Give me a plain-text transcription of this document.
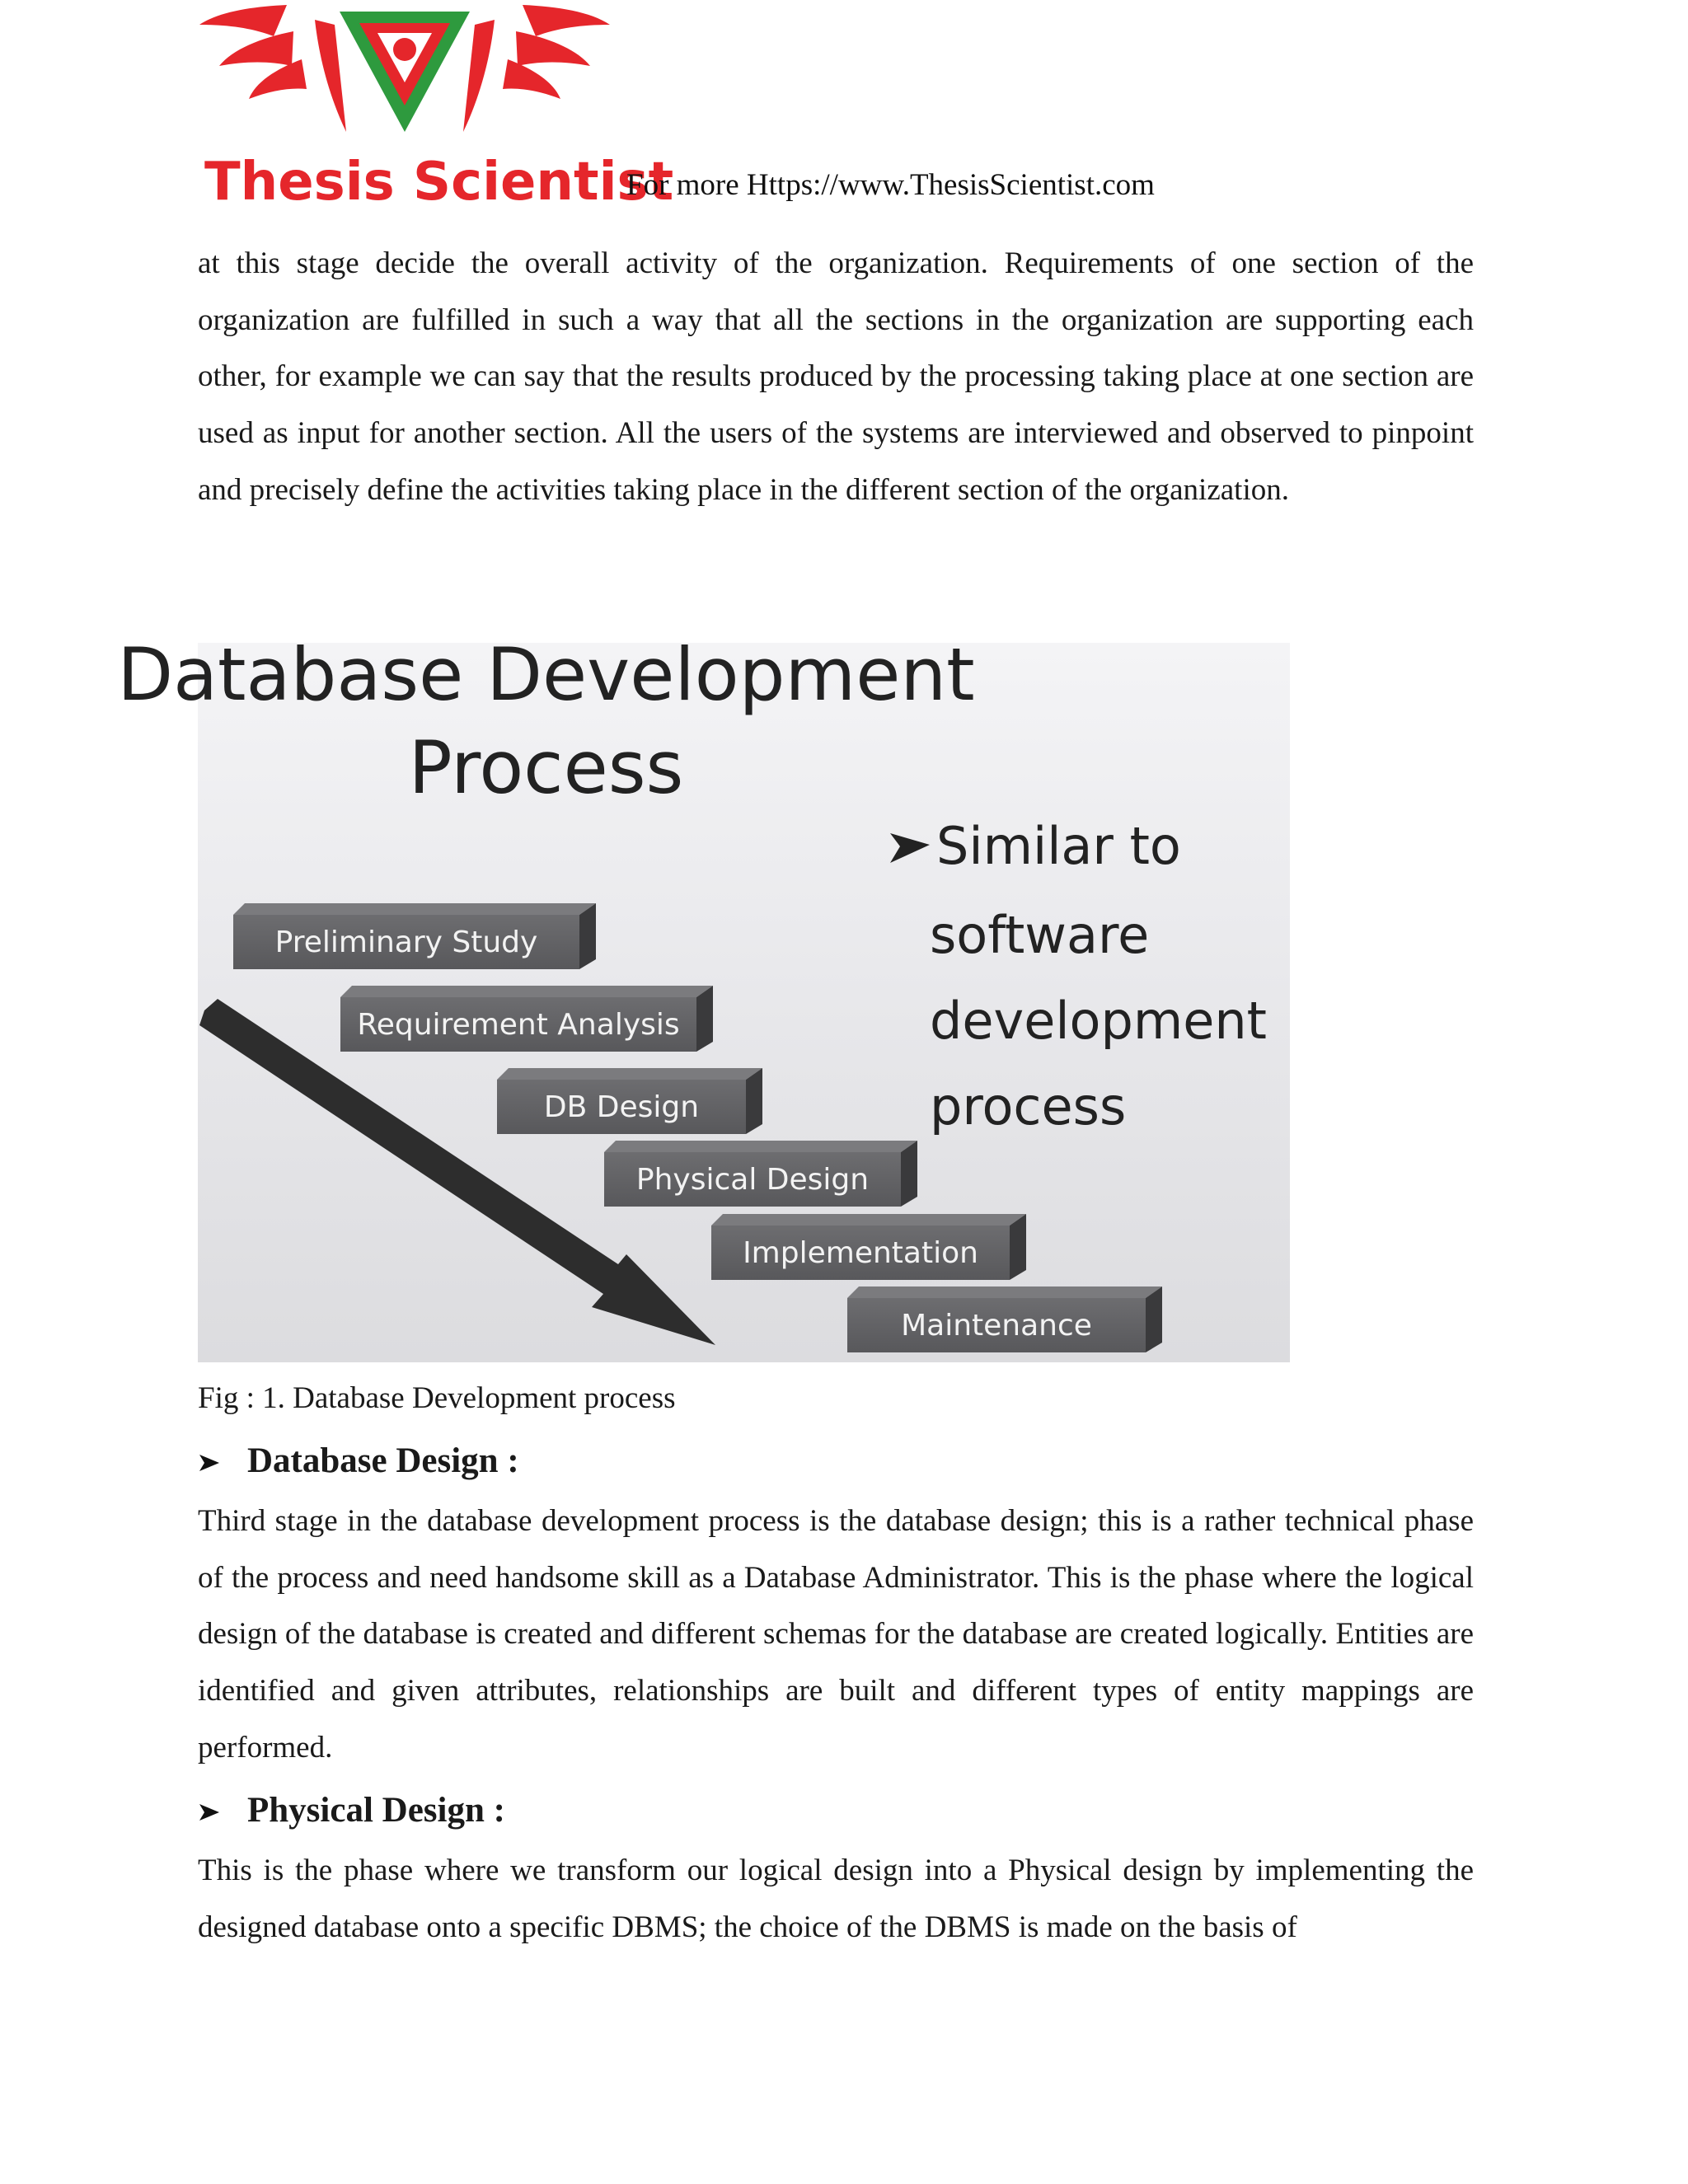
Thesis Scientist
For more Https://www.ThesisScientist.com

at this stage decide the overall activity of the organization. Requirements of one section of the organization are fulfilled in such a way that all the sections in the organization are supporting each other, for example we can say that the results produced by the processing taking place at one section are used as input for another section. All the users of the systems are interviewed and observed to pinpoint and precisely define the activities taking place in the different section of the organization.

Database Development
Process
Similar to
software
development
process
Preliminary Study
Requirement Analysis
DB Design
Physical Design
Implementation
Maintenance
Fig : 1. Database Development process
Database Design :

Third stage in the database development process is the database design; this is a rather technical phase of the process and need handsome skill as a Database Administrator. This is the phase where the logical design of the database is created and different schemas for the database are created logically. Entities are identified and given attributes, relationships are built and different types of entity mappings are performed.

Physical Design :

This is the phase where we transform our logical design into a Physical design by implementing the designed database onto a specific DBMS; the choice of the DBMS is made on the basis of
